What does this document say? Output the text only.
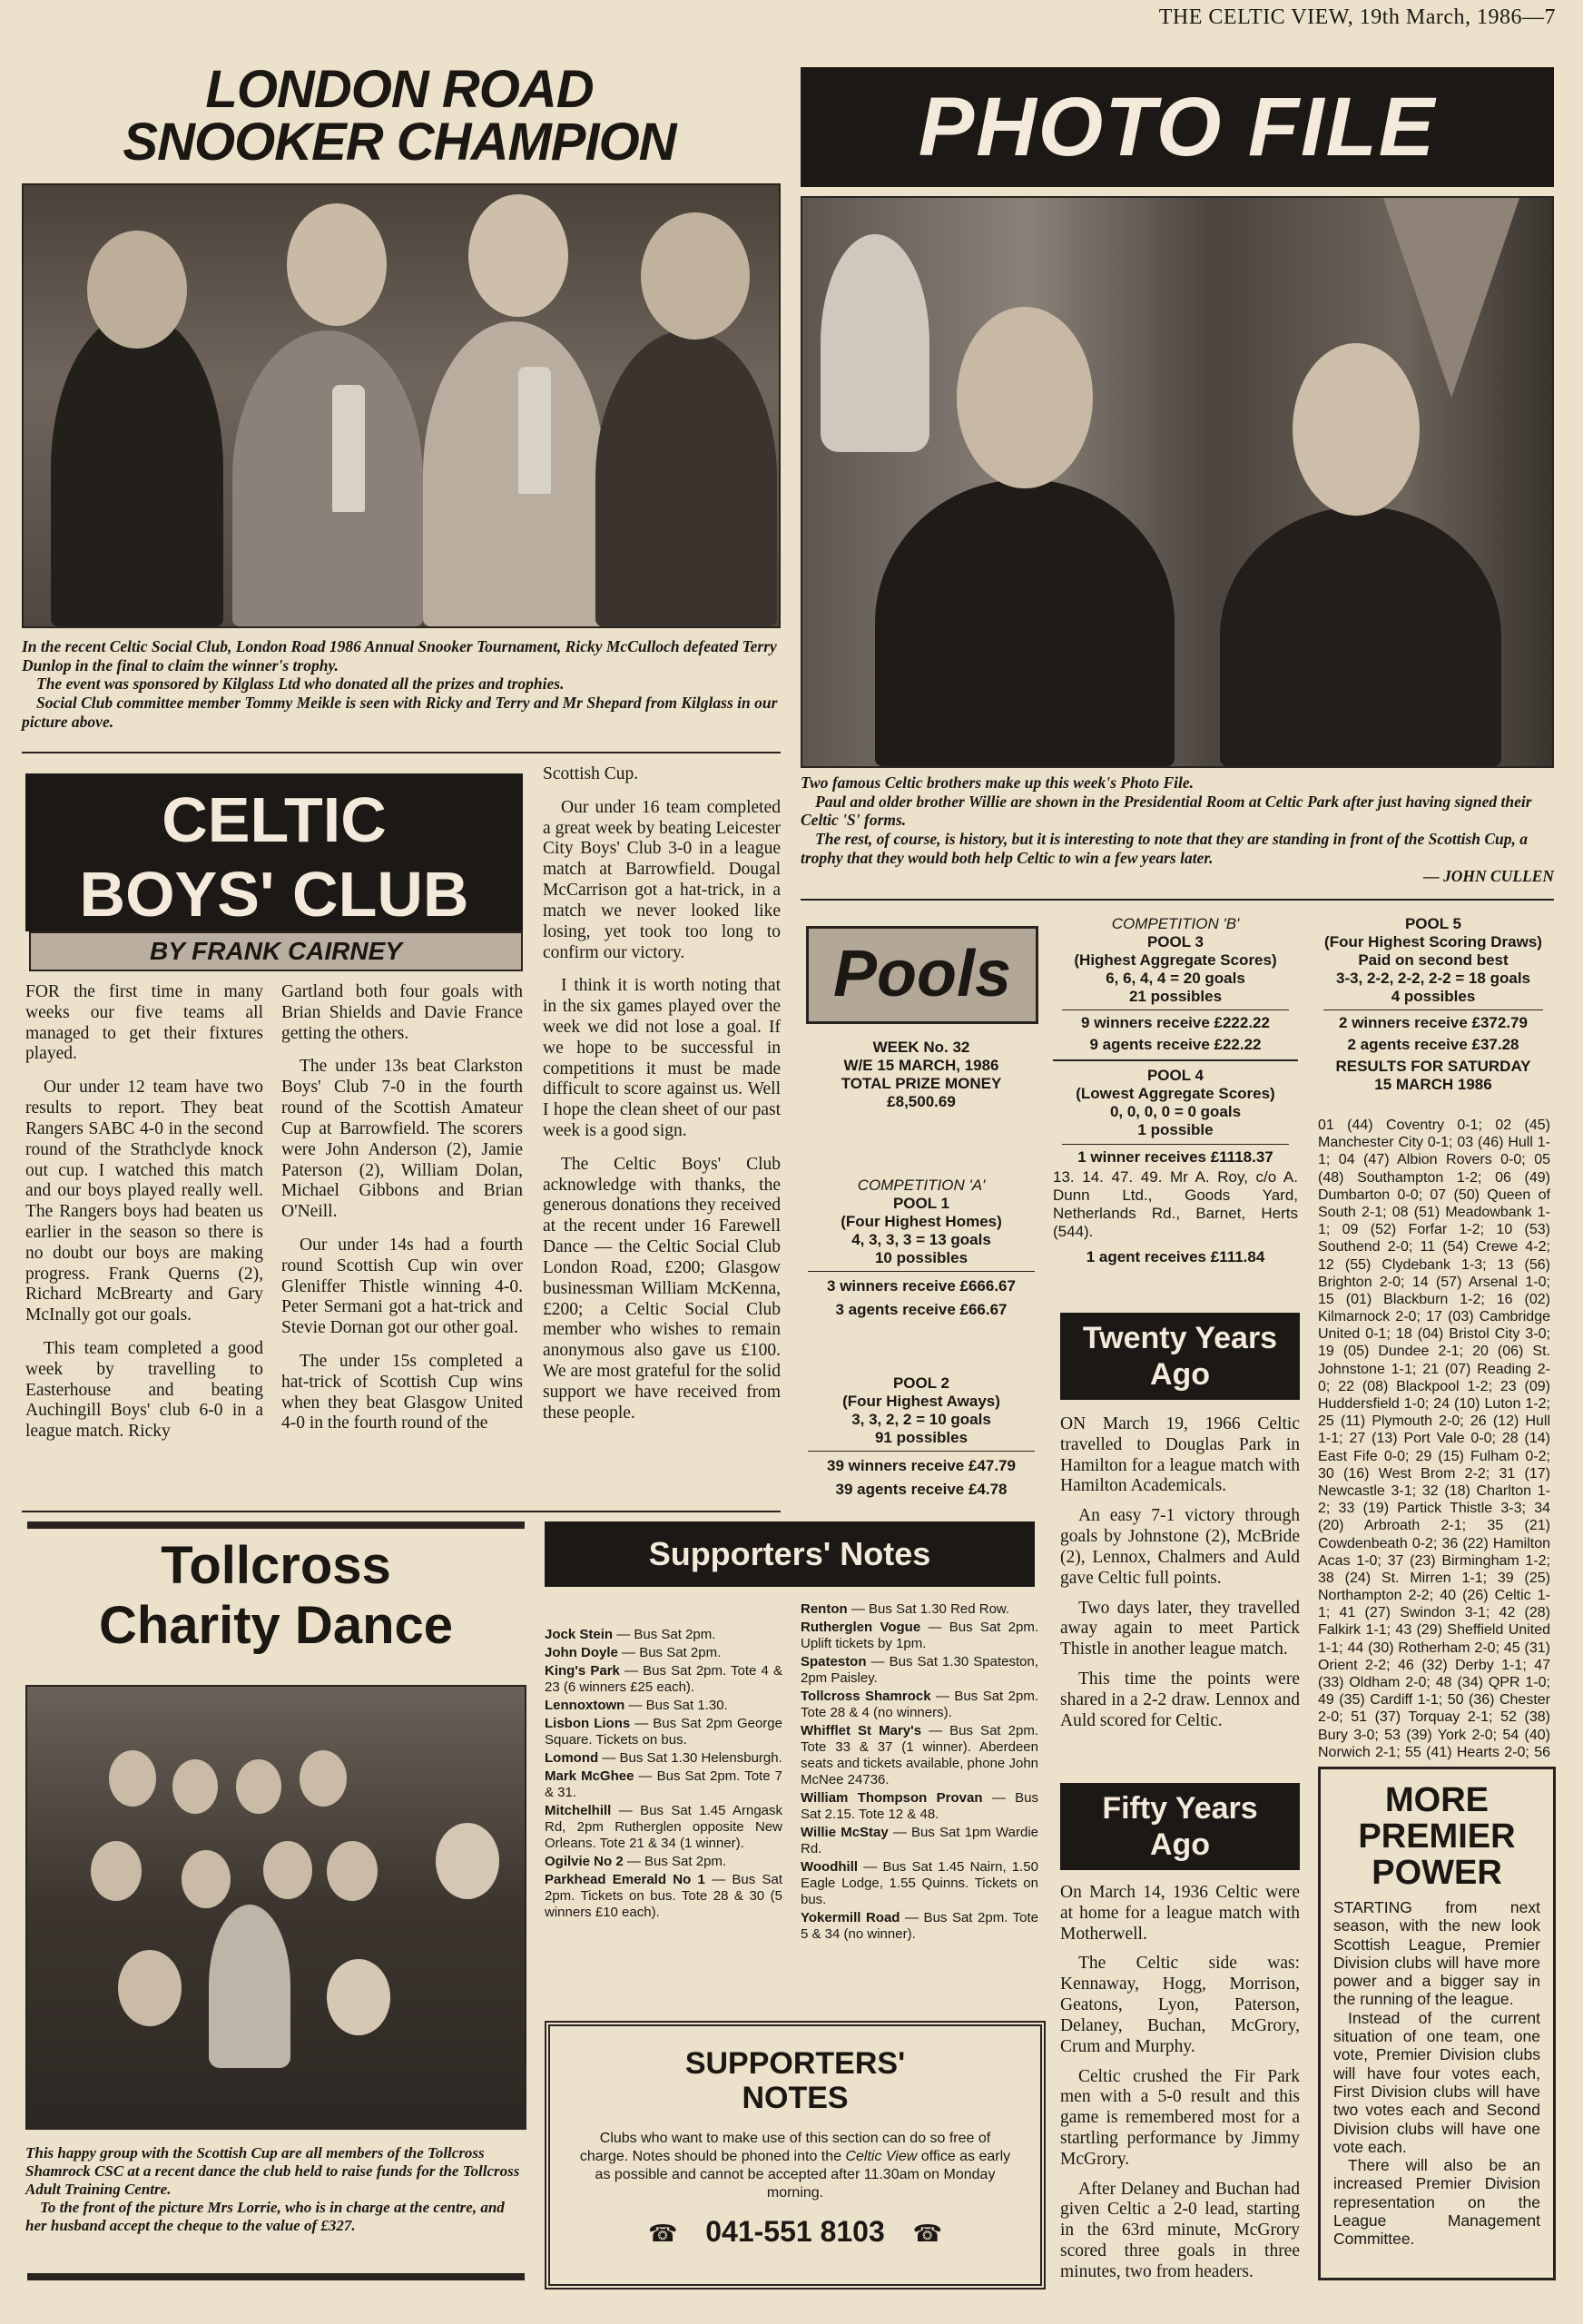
THE CELTIC VIEW, 19th March, 1986—7
LONDON ROAD
SNOOKER CHAMPION

In the recent Celtic Social Club, London Road 1986 Annual Snooker Tournament, Ricky McCulloch defeated Terry Dunlop in the final to claim the winner's trophy.

The event was sponsored by Kilglass Ltd who donated all the prizes and trophies.

Social Club committee member Tommy Meikle is seen with Ricky and Terry and Mr Shepard from Kilglass in our picture above.

PHOTO FILE

Two famous Celtic brothers make up this week's Photo File.

Paul and older brother Willie are shown in the Presidential Room at Celtic Park after just having signed their Celtic 'S' forms.

The rest, of course, is history, but it is interesting to note that they are standing in front of the Scottish Cup, a trophy that they would both help Celtic to win a few years later.

— JOHN CULLEN
CELTIC
BOYS' CLUB
BY FRANK CAIRNEY

FOR the first time in many weeks our five teams all managed to get their fixtures played.

Our under 12 team have two results to report. They beat Rangers SABC 4-0 in the second round of the Strathclyde knock out cup. I watched this match and our boys played really well. The Rangers boys had beaten us earlier in the season so there is no doubt our boys are making progress. Frank Querns (2), Richard McBrearty and Gary McInally got our goals.

This team completed a good week by travelling to Easterhouse and beating Auchingill Boys' club 6-0 in a league match. Ricky

Gartland both four goals with Brian Shields and Davie France getting the others.

The under 13s beat Clarkston Boys' Club 7-0 in the fourth round of the Scottish Amateur Cup at Barrowfield. The scorers were John Anderson (2), Jamie Paterson (2), William Dolan, Michael Gibbons and Brian O'Neill.

Our under 14s had a fourth round Scottish Cup win over Gleniffer Thistle winning 4-0. Peter Sermani got a hat-trick and Stevie Dornan got our other goal.

The under 15s completed a hat-trick of Scottish Cup wins when they beat Glasgow United 4-0 in the fourth round of the

Scottish Cup.

Our under 16 team completed a great week by beating Leicester City Boys' Club 3-0 in a league match at Barrowfield. Dougal McCarrison got a hat-trick, in a match we never looked like losing, yet took too long to confirm our victory.

I think it is worth noting that in the six games played over the week we did not lose a goal. If we hope to be successful in competitions it must be made difficult to score against us. Well I hope the clean sheet of our past week is a good sign.

The Celtic Boys' Club acknowledge with thanks, the generous donations they received at the recent under 16 Farewell Dance — the Celtic Social Club London Road, £200; Glasgow businessman William McKenna, £200; a Celtic Social Club member who wishes to remain anonymous also gave us £100. We are most grateful for the solid support we have received from these people.

Pools
WEEK No. 32
W/E 15 MARCH, 1986
TOTAL PRIZE MONEY
£8,500.69
COMPETITION 'A'
POOL 1
(Four Highest Homes)
4, 3, 3, 3 = 13 goals
10 possibles
3 winners receive £666.67
3 agents receive £66.67
POOL 2
(Four Highest Aways)
3, 3, 2, 2 = 10 goals
91 possibles
39 winners receive £47.79
39 agents receive £4.78
COMPETITION 'B'
POOL 3
(Highest Aggregate Scores)
6, 6, 4, 4 = 20 goals
21 possibles
9 winners receive £222.22
9 agents receive £22.22
POOL 4
(Lowest Aggregate Scores)
0, 0, 0, 0 = 0 goals
1 possible
1 winner receives £1118.37
13. 14. 47. 49. Mr A. Roy, c/o A. Dunn Ltd., Goods Yard, Netherlands Rd., Barnet, Herts (544).
1 agent receives £111.84
POOL 5
(Four Highest Scoring Draws)
Paid on second best
3-3, 2-2, 2-2, 2-2 = 18 goals
4 possibles
2 winners receive £372.79
2 agents receive £37.28
RESULTS FOR SATURDAY
15 MARCH 1986
01 (44) Coventry 0-1; 02 (45) Manchester City 0-1; 03 (46) Hull 1-1; 04 (47) Albion Rovers 0-0; 05 (48) Southampton 1-2; 06 (49) Dumbarton 0-0; 07 (50) Queen of South 2-1; 08 (51) Meadowbank 1-1; 09 (52) Forfar 1-2; 10 (53) Southend 2-0; 11 (54) Crewe 4-2; 12 (55) Clydebank 1-3; 13 (56) Brighton 2-0; 14 (57) Arsenal 1-0; 15 (01) Blackburn 1-2; 16 (02) Kilmarnock 2-0; 17 (03) Cambridge United 0-1; 18 (04) Bristol City 3-0; 19 (05) Dundee 2-1; 20 (06) St. Johnstone 1-1; 21 (07) Reading 2-0; 22 (08) Blackpool 1-2; 23 (09) Huddersfield 1-0; 24 (10) Luton 1-2; 25 (11) Plymouth 2-0; 26 (12) Hull 1-1; 27 (13) Port Vale 0-0; 28 (14) East Fife 0-0; 29 (15) Fulham 0-2; 30 (16) West Brom 2-2; 31 (17) Newcastle 3-1; 32 (18) Charlton 1-2; 33 (19) Partick Thistle 3-3; 34 (20) Arbroath 2-1; 35 (21) Cowdenbeath 0-2; 36 (22) Hamilton Acas 1-0; 37 (23) Birmingham 1-2; 38 (24) St. Mirren 1-1; 39 (25) Northampton 2-2; 40 (26) Celtic 1-1; 41 (27) Swindon 3-1; 42 (28) Falkirk 1-1; 43 (29) Sheffield United 1-1; 44 (30) Rotherham 2-0; 45 (31) Orient 2-2; 46 (32) Derby 1-1; 47 (33) Oldham 2-0; 48 (34) QPR 1-0; 49 (35) Cardiff 1-1; 50 (36) Chester 2-0; 51 (37) Torquay 2-1; 52 (38) Bury 3-0; 53 (39) York 2-0; 54 (40) Norwich 2-1; 55 (41) Hearts 2-0; 56
Twenty Years
Ago

ON March 19, 1966 Celtic travelled to Douglas Park in Hamilton for a league match with Hamilton Academicals.

An easy 7-1 victory through goals by Johnstone (2), McBride (2), Lennox, Chalmers and Auld gave Celtic full points.

Two days later, they travelled away again to meet Partick Thistle in another league match.

This time the points were shared in a 2-2 draw. Lennox and Auld scored for Celtic.

Fifty Years
Ago

On March 14, 1936 Celtic were at home for a league match with Motherwell.

The Celtic side was: Kennaway, Hogg, Morrison, Geatons, Lyon, Paterson, Delaney, Buchan, McGrory, Crum and Murphy.

Celtic crushed the Fir Park men with a 5-0 result and this game is remembered most for a startling performance by Jimmy McGrory.

After Delaney and Buchan had given Celtic a 2-0 lead, starting in the 63rd minute, McGrory scored three goals in three minutes, two from headers.

MORE
PREMIER
POWER
STARTING from next season, with the new look Scottish League, Premier Division clubs will have more power and a bigger say in the running of the league.
Instead of the current situation of one team, one vote, Premier Division clubs will have four votes each, First Division clubs will have two votes each and Second Division clubs will have one vote each.
There will also be an increased Premier Division representation on the League Management Committee.
Tollcross
Charity Dance

This happy group with the Scottish Cup are all members of the Tollcross Shamrock CSC at a recent dance the club held to raise funds for the Tollcross Adult Training Centre.

To the front of the picture Mrs Lorrie, who is in charge at the centre, and her husband accept the cheque to the value of £327.

Supporters' Notes
Jock Stein — Bus Sat 2pm.
John Doyle — Bus Sat 2pm.
King's Park — Bus Sat 2pm. Tote 4 & 23 (6 winners £25 each).
Lennoxtown — Bus Sat 1.30.
Lisbon Lions — Bus Sat 2pm George Square. Tickets on bus.
Lomond — Bus Sat 1.30 Helensburgh.
Mark McGhee — Bus Sat 2pm. Tote 7 & 31.
Mitchelhill — Bus Sat 1.45 Arngask Rd, 2pm Rutherglen opposite New Orleans. Tote 21 & 34 (1 winner).
Ogilvie No 2 — Bus Sat 2pm.
Parkhead Emerald No 1 — Bus Sat 2pm. Tickets on bus. Tote 28 & 30 (5 winners £10 each).
Renton — Bus Sat 1.30 Red Row.
Rutherglen Vogue — Bus Sat 2pm. Uplift tickets by 1pm.
Spateston — Bus Sat 1.30 Spateston, 2pm Paisley.
Tollcross Shamrock — Bus Sat 2pm. Tote 28 & 4 (no winners).
Whifflet St Mary's — Bus Sat 2pm. Tote 33 & 37 (1 winner). Aberdeen seats and tickets available, phone John McNee 24736.
William Thompson Provan — Bus Sat 2.15. Tote 12 & 48.
Willie McStay — Bus Sat 1pm Wardie Rd.
Woodhill — Bus Sat 1.45 Nairn, 1.50 Eagle Lodge, 1.55 Quinns. Tickets on bus.
Yokermill Road — Bus Sat 2pm. Tote 5 & 34 (no winner).
SUPPORTERS'
NOTES
Clubs who want to make use of this section can do so free of charge. Notes should be phoned into the Celtic View office as early as possible and cannot be accepted after 11.30am on Monday morning.
☎ 041-551 8103 ☎
